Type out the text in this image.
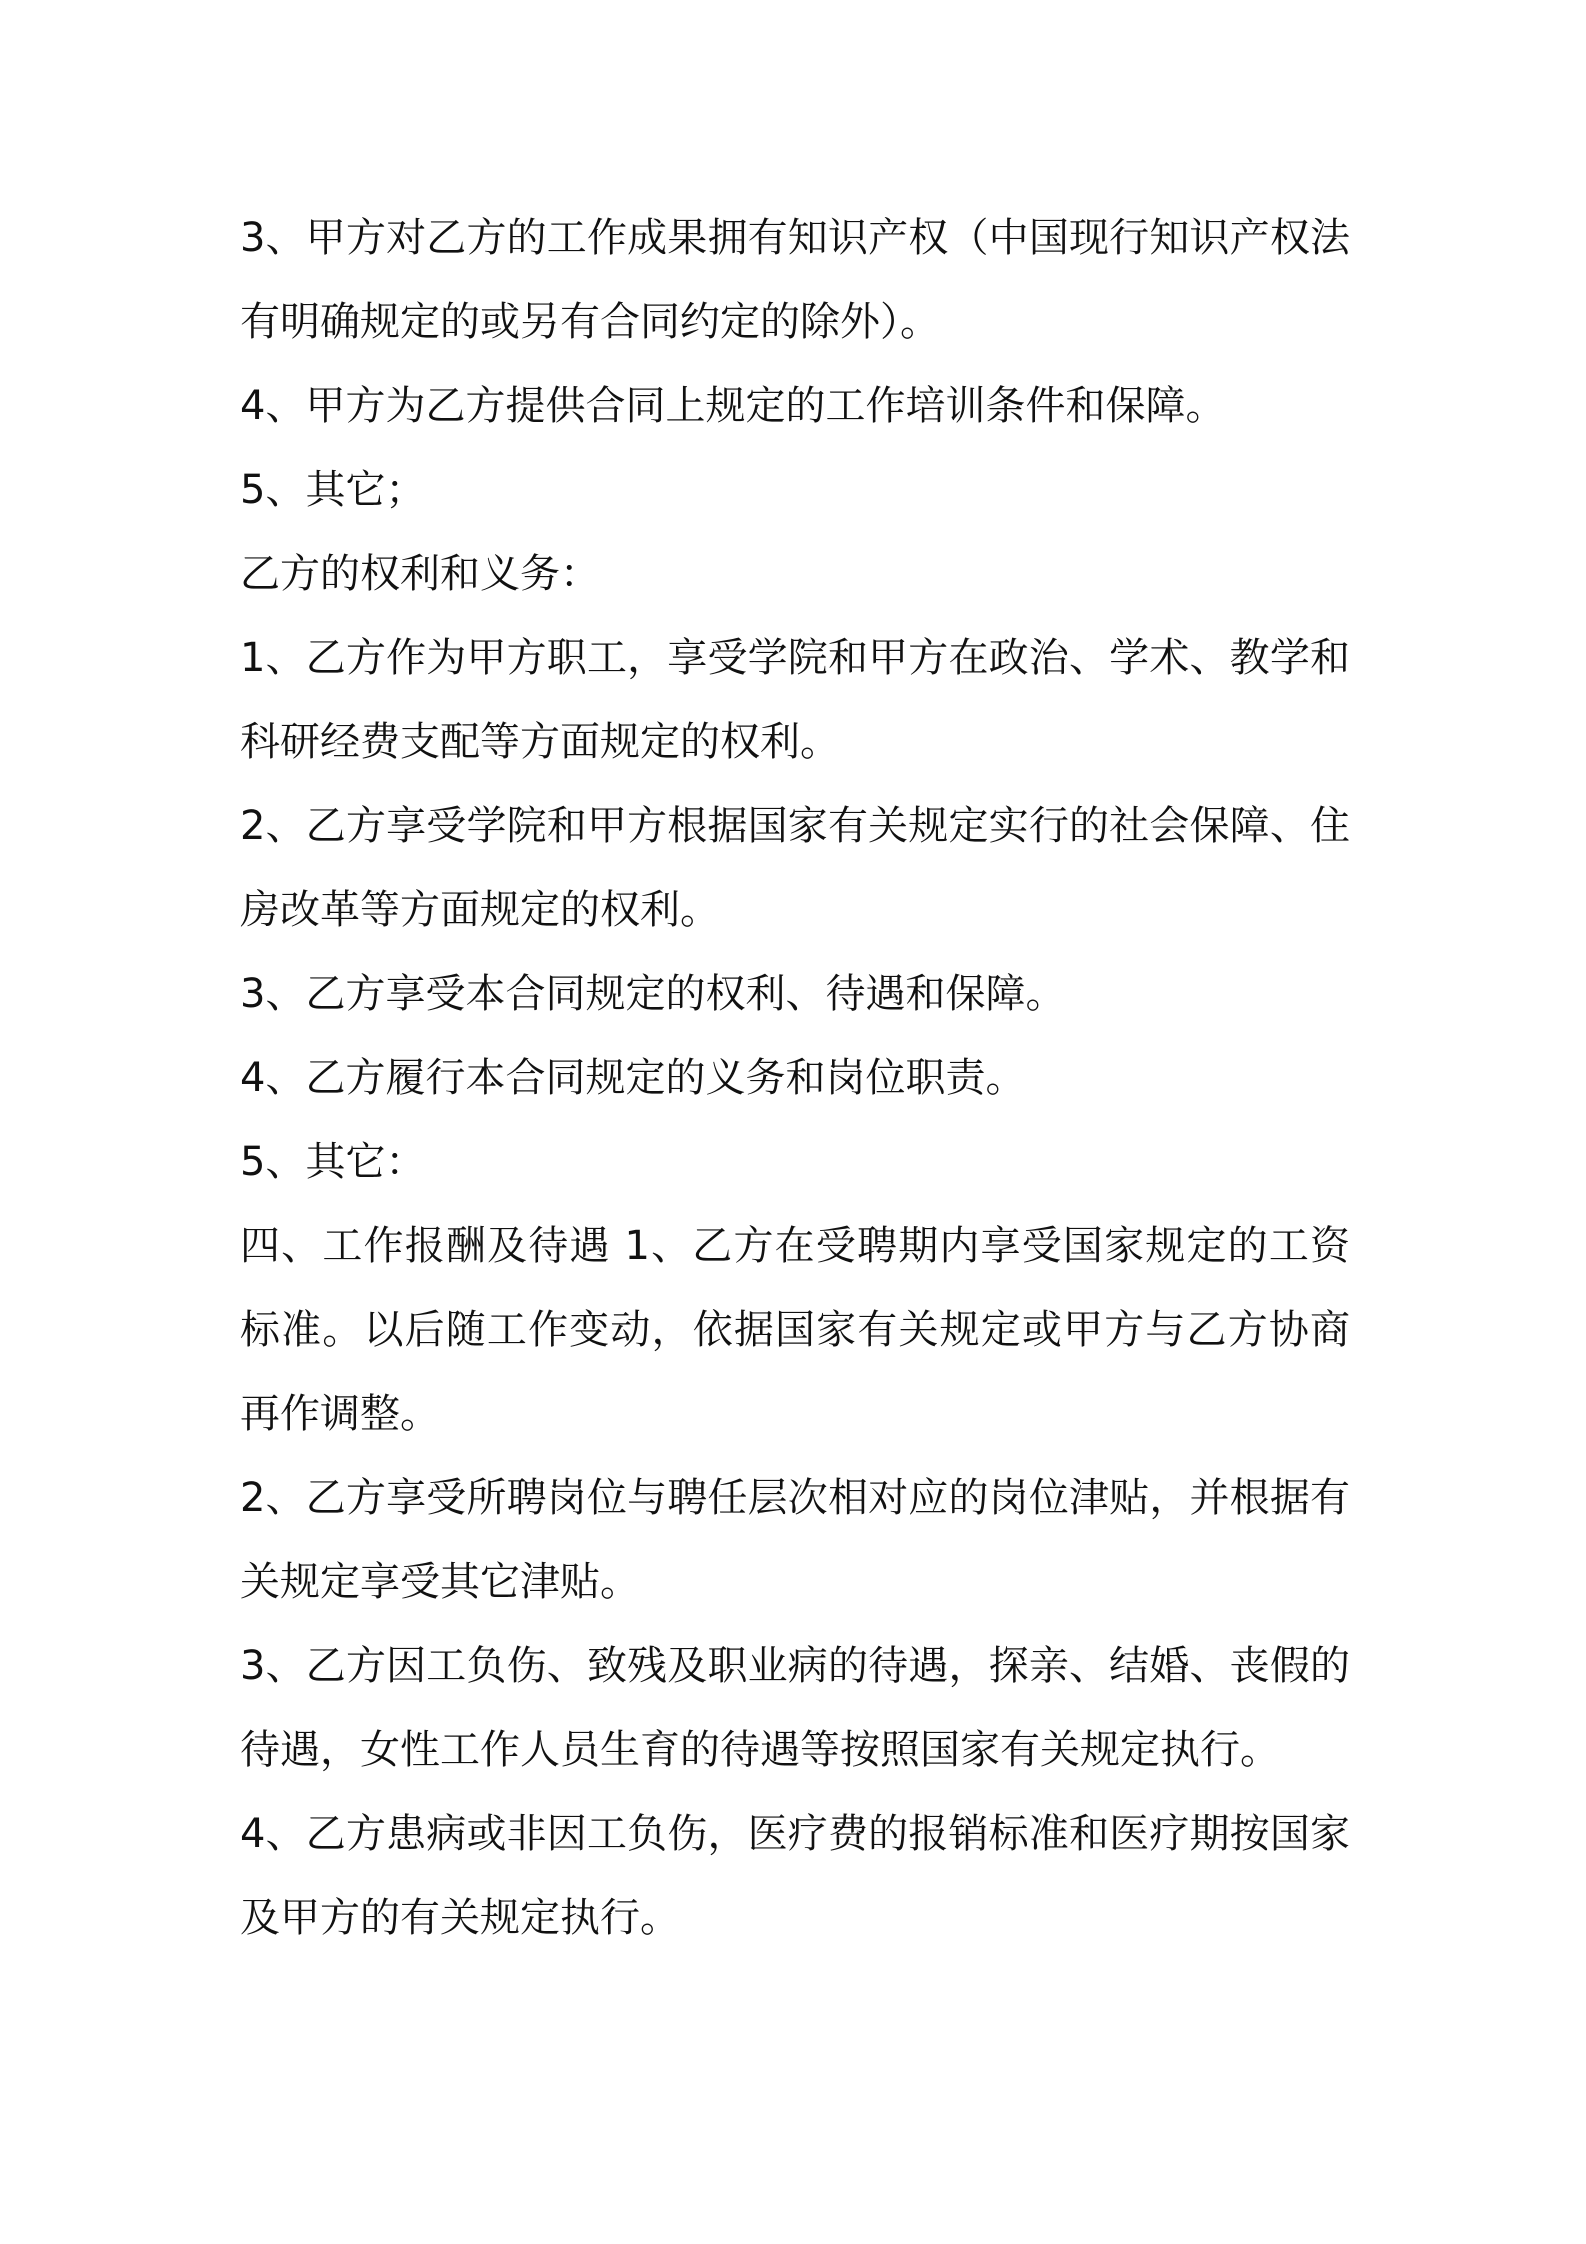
3、甲方对乙方的工作成果拥有知识产权（中国现行知识产权法有明确规定的或另有合同约定的除外）。

4、甲方为乙方提供合同上规定的工作培训条件和保障。

5、其它；

乙方的权利和义务：

1、乙方作为甲方职工，享受学院和甲方在政治、学术、教学和科研经费支配等方面规定的权利。

2、乙方享受学院和甲方根据国家有关规定实行的社会保障、住房改革等方面规定的权利。

3、乙方享受本合同规定的权利、待遇和保障。

4、乙方履行本合同规定的义务和岗位职责。

5、其它：

四、工作报酬及待遇 1、乙方在受聘期内享受国家规定的工资标准。以后随工作变动，依据国家有关规定或甲方与乙方协商再作调整。

2、乙方享受所聘岗位与聘任层次相对应的岗位津贴，并根据有关规定享受其它津贴。

3、乙方因工负伤、致残及职业病的待遇，探亲、结婚、丧假的待遇，女性工作人员生育的待遇等按照国家有关规定执行。

4、乙方患病或非因工负伤，医疗费的报销标准和医疗期按国家及甲方的有关规定执行。
